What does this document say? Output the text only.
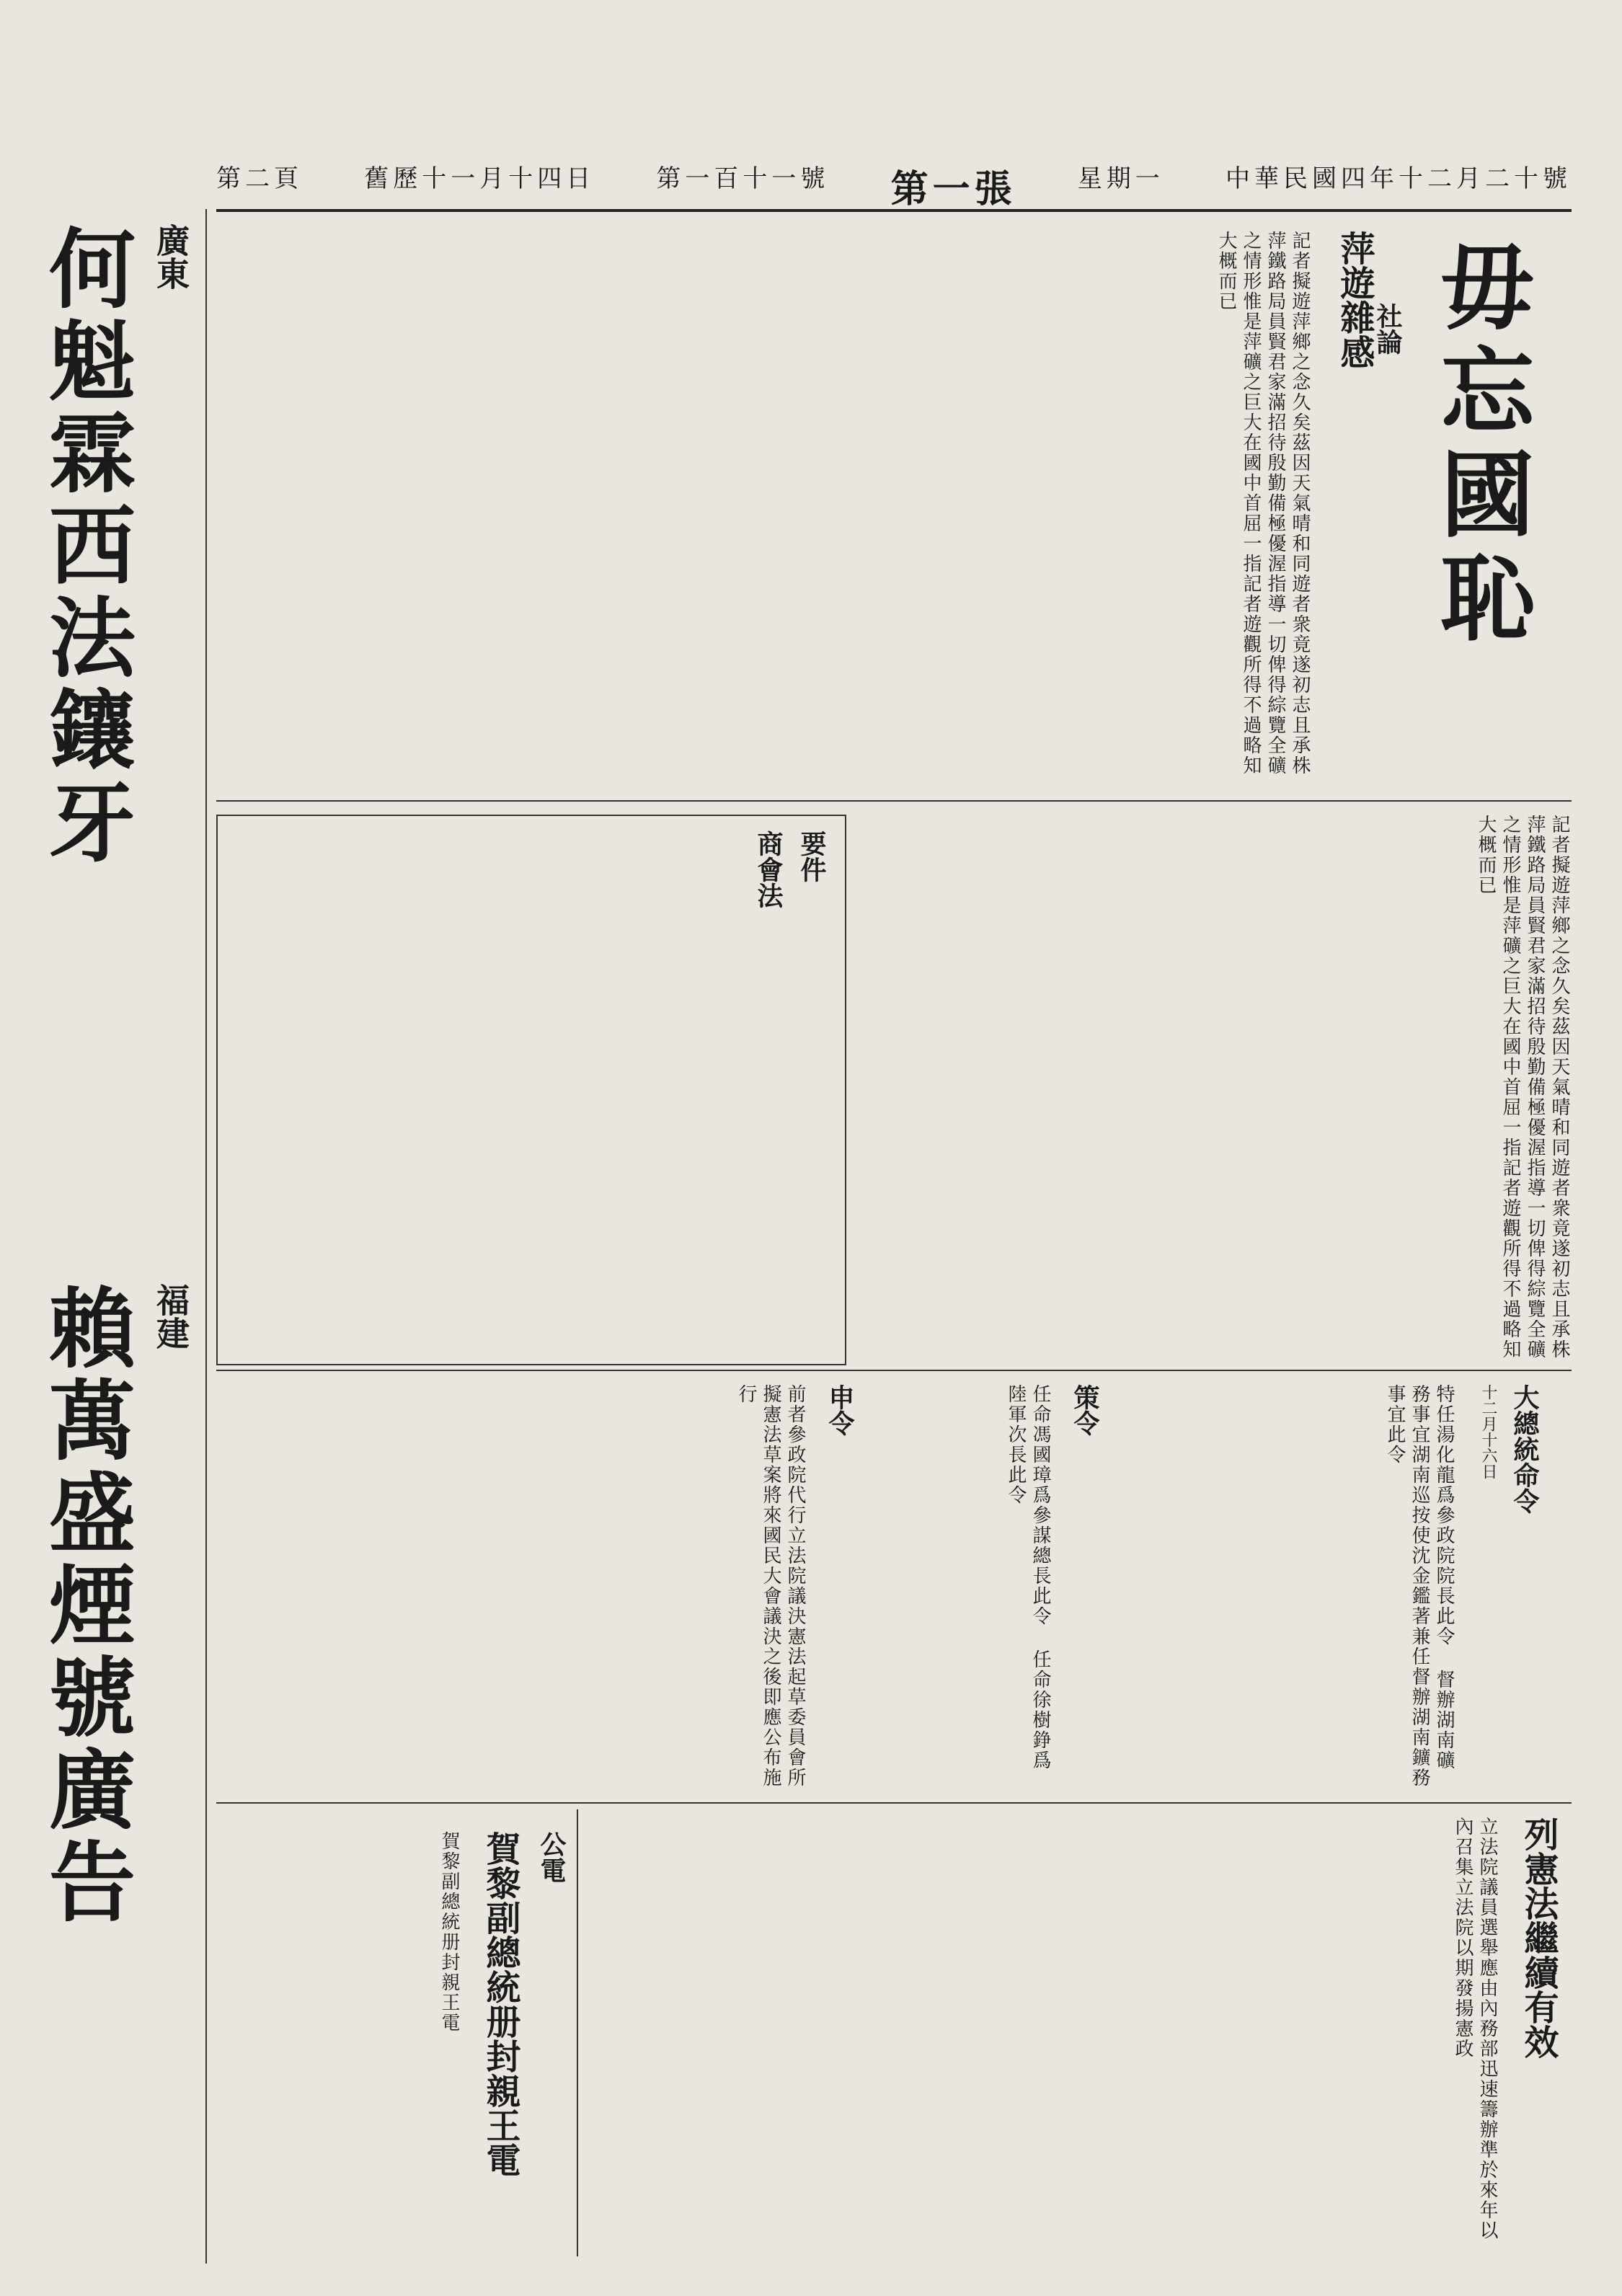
中華民國四年十二月二十號
星期一
第一張
第一百十一號
舊歷十一月十四日
第二頁
廣東
何魁霖西法鑲牙
福建
賴萬盛煙號廣告
毋忘國恥
社論
萍遊雜感
記者擬遊萍鄉之念久矣茲因天氣晴和同遊者衆竟遂初志且承株萍鐵路局員賢君家滿招待殷勤備極優渥指導一切俾得綜覽全礦之情形惟是萍礦之巨大在國中首屈一指記者遊觀所得不過略知大概而已
記者擬遊萍鄉之念久矣茲因天氣晴和同遊者衆竟遂初志且承株萍鐵路局員賢君家滿招待殷勤備極優渥指導一切俾得綜覽全礦之情形惟是萍礦之巨大在國中首屈一指記者遊觀所得不過略知大概而已
要件
商會法
大總統命令
十二月十六日
特任湯化龍爲參政院院長此令 督辦湖南礦務事宜湖南巡按使沈金鑑著兼任督辦湖南鑛務事宜此令
策令
任命馮國璋爲參謀總長此令 任命徐樹錚爲陸軍次長此令
申令
前者參政院代行立法院議決憲法起草委員會所擬憲法草案將來國民大會議決之後即應公布施行
列憲法繼續有效
立法院議員選舉應由內務部迅速籌辦準於來年以內召集立法院以期發揚憲政
公電
賀黎副總統册封親王電
賀黎副總統册封親王電
